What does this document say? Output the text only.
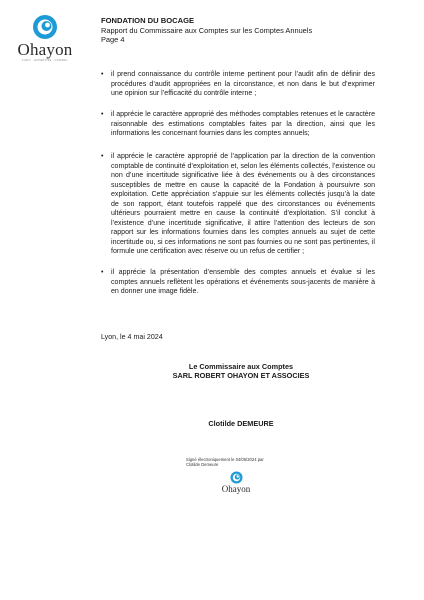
Ohayon
AUDIT · EXPERTISE · CONSEIL
FONDATION DU BOCAGE
Rapport du Commissaire aux Comptes sur les Comptes Annuels
Page 4
• il prend connaissance du contrôle interne pertinent pour l’audit afin de définir des procédures d’audit appropriées en la circonstance, et non dans le but d’exprimer une opinion sur l’efficacité du contrôle interne ;
• il apprécie le caractère approprié des méthodes comptables retenues et le caractère raisonnable des estimations comptables faites par la direction, ainsi que les informations les concernant fournies dans les comptes annuels;
• il apprécie le caractère approprié de l’application par la direction de la convention comptable de continuité d’exploitation et, selon les éléments collectés, l’existence ou non d’une incertitude significative liée à des événements ou à des circonstances susceptibles de mettre en cause la capacité de la Fondation à poursuivre son exploitation. Cette appréciation s’appuie sur les éléments collectés jusqu’à la date de son rapport, étant toutefois rappelé que des circonstances ou événements ultérieurs pourraient mettre en cause la continuité d’exploitation. S’il conclut à l’existence d’une incertitude significative, il attire l’attention des lecteurs de son rapport sur les informations fournies dans les comptes annuels au sujet de cette incertitude ou, si ces informations ne sont pas fournies ou ne sont pas pertinentes, il formule une certification avec réserve ou un refus de certifier ;
• il apprécie la présentation d’ensemble des comptes annuels et évalue si les comptes annuels reflètent les opérations et événements sous-jacents de manière à en donner une image fidèle.
Lyon, le 4 mai 2024
Le Commissaire aux Comptes
SARL ROBERT OHAYON ET ASSOCIES
Clotilde DEMEURE
Signé électroniquement le 04/05/2024 par
Clotilde Demeure
Ohayon
